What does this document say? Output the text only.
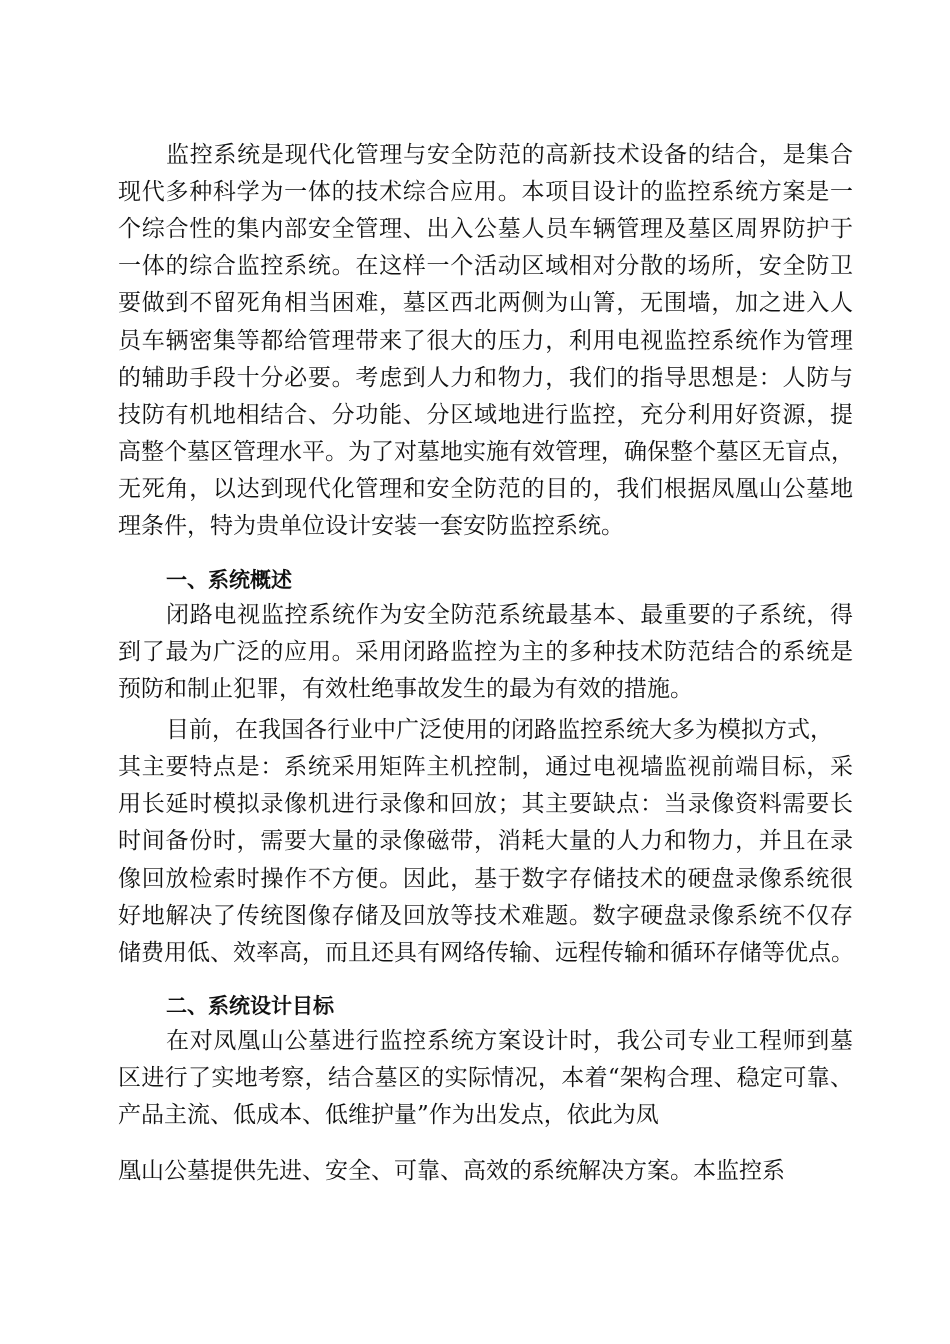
监控系统是现代化管理与安全防范的高新技术设备的结合，是集合
现代多种科学为一体的技术综合应用。本项目设计的监控系统方案是一
个综合性的集内部安全管理、出入公墓人员车辆管理及墓区周界防护于
一体的综合监控系统。在这样一个活动区域相对分散的场所，安全防卫
要做到不留死角相当困难，墓区西北两侧为山箐，无围墙，加之进入人
员车辆密集等都给管理带来了很大的压力，利用电视监控系统作为管理
的辅助手段十分必要。考虑到人力和物力，我们的指导思想是：人防与
技防有机地相结合、分功能、分区域地进行监控，充分利用好资源，提
高整个墓区管理水平。为了对墓地实施有效管理，确保整个墓区无盲点，
无死角，以达到现代化管理和安全防范的目的，我们根据凤凰山公墓地
理条件，特为贵单位设计安装一套安防监控系统。
一、系统概述
闭路电视监控系统作为安全防范系统最基本、最重要的子系统，得
到了最为广泛的应用。采用闭路监控为主的多种技术防范结合的系统是
预防和制止犯罪，有效杜绝事故发生的最为有效的措施。
目前，在我国各行业中广泛使用的闭路监控系统大多为模拟方式，
其主要特点是：系统采用矩阵主机控制，通过电视墙监视前端目标，采
用长延时模拟录像机进行录像和回放；其主要缺点：当录像资料需要长
时间备份时，需要大量的录像磁带，消耗大量的人力和物力，并且在录
像回放检索时操作不方便。因此，基于数字存储技术的硬盘录像系统很
好地解决了传统图像存储及回放等技术难题。数字硬盘录像系统不仅存
储费用低、效率高，而且还具有网络传输、远程传输和循环存储等优点。
二、系统设计目标
在对凤凰山公墓进行监控系统方案设计时，我公司专业工程师到墓
区进行了实地考察，结合墓区的实际情况，本着“架构合理、稳定可靠、
产品主流、低成本、低维护量”作为出发点，依此为凤
凰山公墓提供先进、安全、可靠、高效的系统解决方案。本监控系
